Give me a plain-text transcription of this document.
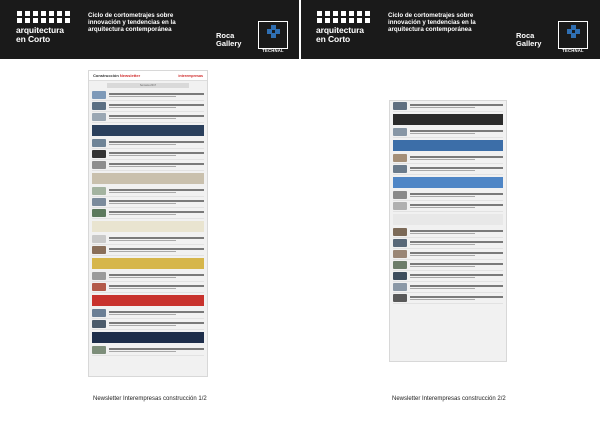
arquitectura
en Corto
Ciclo de cortometrajes sobre innovación y tendencias en la arquitectura contemporánea
Roca
Gallery
TECHNAL
arquitectura
en Corto
Ciclo de cortometrajes sobre innovación y tendencias en la arquitectura contemporánea
Roca
Gallery
TECHNAL
Construcción Newsletter	interempresas
Semana 2017
Newsletter Interempresas construcción 1/2	Newsletter Interempresas construcción 2/2
